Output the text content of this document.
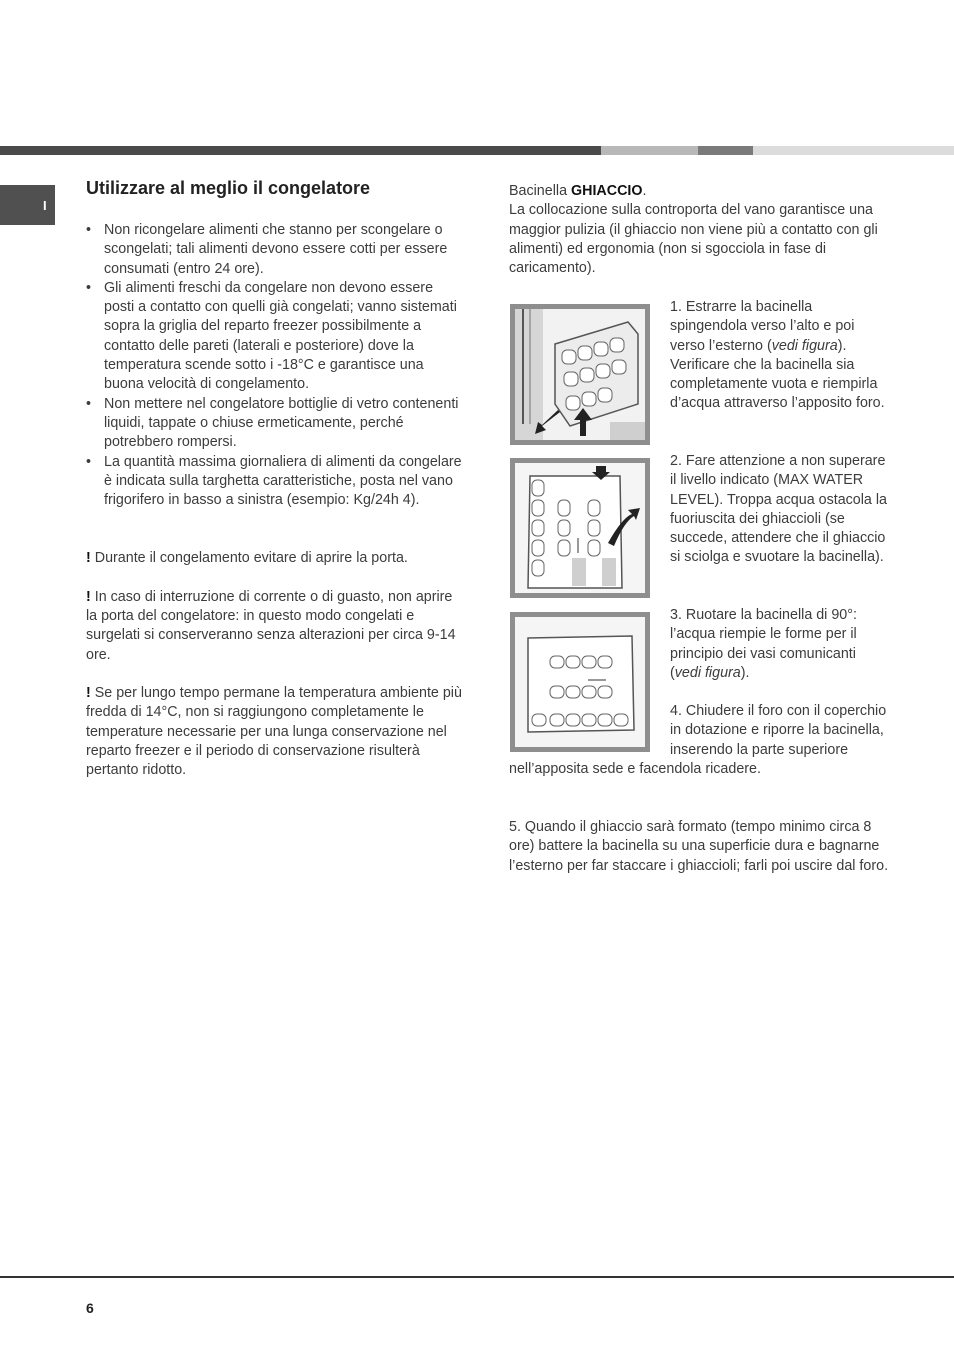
I
Utilizzare al meglio il congelatore

• Non ricongelare alimenti che stanno per scongelare o scongelati; tali alimenti devono essere cotti per essere consumati (entro 24 ore).

• Gli alimenti freschi da congelare non devono essere posti a contatto con quelli già congelati; vanno sistemati sopra la griglia del reparto freezer possibilmente a contatto delle pareti (laterali e posteriore) dove la temperatura scende sotto i -18°C e garantisce una buona velocità di congelamento.

• Non mettere nel congelatore bottiglie di vetro contenenti liquidi, tappate o chiuse ermeticamente, perché potrebbero rompersi.

• La quantità massima giornaliera di alimenti da congelare è indicata sulla targhetta caratteristiche, posta nel vano frigorifero in basso a sinistra (esempio: Kg/24h 4).

! Durante il congelamento evitare di aprire la porta.

! In caso di interruzione di corrente o di guasto, non aprire la porta del congelatore: in questo modo congelati e surgelati si conserveranno senza alterazioni per circa 9-14 ore.

! Se per lungo tempo permane la temperatura ambiente più fredda di 14°C, non si raggiungono completamente le temperature necessarie per una lunga conservazione nel reparto freezer e il periodo di conservazione risulterà pertanto ridotto.

Bacinella GHIACCIO.

La collocazione sulla controporta del vano garantisce una maggior pulizia (il ghiaccio non viene più a contatto con gli alimenti) ed ergonomia (non si sgocciola in fase di caricamento).

1. Estrarre la bacinella spingendola verso l’alto e poi verso l’esterno (vedi figura). Verificare che la bacinella sia completamente vuota e riempirla d’acqua attraverso l’apposito foro.

2. Fare attenzione a non superare il livello indicato (MAX WATER LEVEL). Troppa acqua ostacola la fuoriuscita dei ghiaccioli (se succede, attendere che il ghiaccio si sciolga e svuotare la bacinella).

3. Ruotare la bacinella di 90°: l’acqua riempie le forme per il principio dei vasi comunicanti (vedi figura).

4. Chiudere il foro con il coperchio in dotazione e riporre la bacinella, inserendo la parte superiore nell’apposita sede e facendola ricadere.

5. Quando il ghiaccio sarà formato (tempo minimo circa 8 ore) battere la bacinella su una superficie dura e bagnarne l’esterno per far staccare i ghiaccioli; farli poi uscire dal foro.

6
